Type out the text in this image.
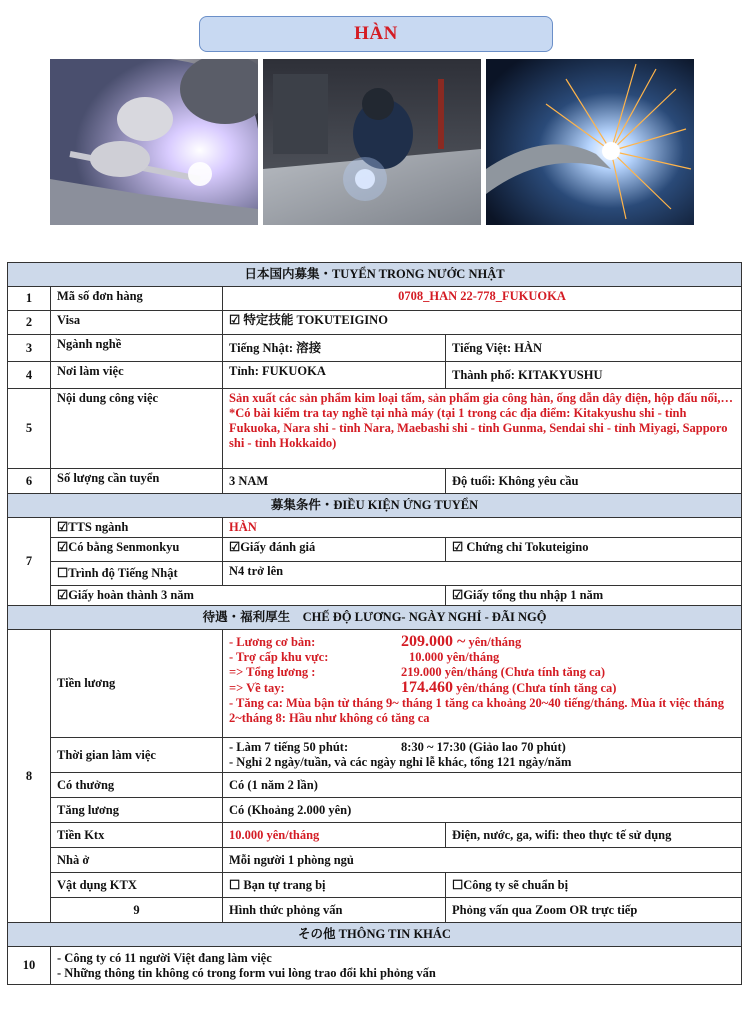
HÀN
日本国内募集・TUYỂN TRONG NƯỚC NHẬT			
1	Mã số đơn hàng	0708_HAN 22-778_FUKUOKA	
2	Visa	☑ 特定技能 TOKUTEIGINO	
3	Ngành nghề	Tiếng Nhật: 溶接	Tiếng Việt: HÀN
4	Nơi làm việc	Tỉnh: FUKUOKA	Thành phố: KITAKYUSHU
5	Nội dung công việc	Sản xuất các sản phẩm kim loại tấm, sản phẩm gia công hàn, ống dẫn dây điện, hộp đấu nối,…
*Có bài kiểm tra tay nghề tại nhà máy (tại 1 trong các địa điểm: Kitakyushu shi - tỉnh Fukuoka, Nara shi - tỉnh Nara, Maebashi shi - tỉnh Gunma, Sendai shi - tỉnh Miyagi, Sapporo shi - tỉnh Hokkaido)	

6	Số lượng cần tuyển	3 NAM	Độ tuổi: Không yêu cầu
募集条件・ĐIỀU KIỆN ỨNG TUYỂN			
7	☑TTS ngành	HÀN	
	☑Có bằng Senmonkyu	☑Giấy đánh giá	☑ Chứng chỉ Tokuteigino
	☐Trình độ Tiếng Nhật	N4 trở lên	
	☑Giấy hoàn thành 3 năm		☑Giấy tổng thu nhập 1 năm
待遇・福利厚生　CHẾ ĐỘ LƯƠNG- NGÀY NGHỈ - ĐÃI NGỘ			
8	Tiền lương	- Lương cơ bản: 209.000 ~ yên/tháng
- Trợ cấp khu vực: 10.000 yên/tháng
=> Tổng lương : 219.000 yên/tháng (Chưa tính tăng ca)
=> Về tay: 174.460 yên/tháng (Chưa tính tăng ca)
- Tăng ca: Mùa bận từ tháng 9~ tháng 1 tăng ca khoảng 20~40 tiếng/tháng. Mùa ít việc tháng 2~tháng 8: Hầu như không có tăng ca	

	Thời gian làm việc	- Làm 7 tiếng 50 phút: 8:30 ~ 17:30 (Giảo lao 70 phút)
- Nghỉ 2 ngày/tuần, và các ngày nghỉ lễ khác, tổng 121 ngày/năm	

	Có thưởng	Có (1 năm 2 lần)	
	Tăng lương	Có (Khoảng 2.000 yên)	
	Tiền Ktx	10.000 yên/tháng	Điện, nước, ga, wifi: theo thực tế sử dụng
	Nhà ở	Mỗi người 1 phòng ngủ	
	Vật dụng KTX	☐ Bạn tự trang bị	☐Công ty sẽ chuẩn bị
	9	Hình thức phỏng vấn	Phỏng vấn qua Zoom OR trực tiếp
その他 THÔNG TIN KHÁC			
10	- Công ty có 11 người Việt đang làm việc
- Những thông tin không có trong form vui lòng trao đổi khi phỏng vấn		
